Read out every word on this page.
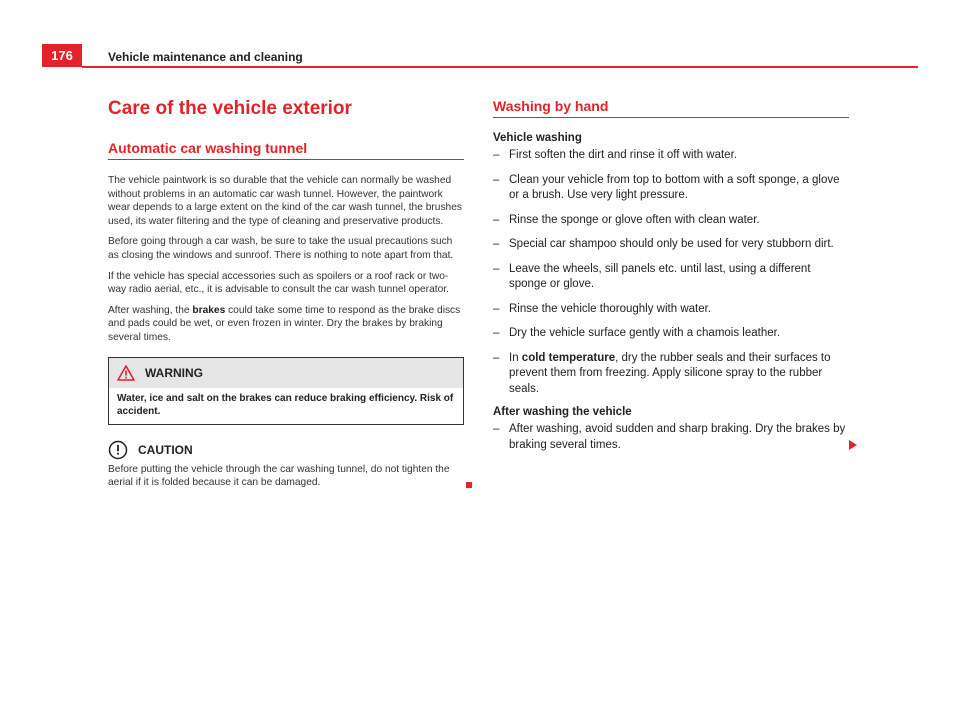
176	Vehicle maintenance and cleaning
Care of the vehicle exterior
Automatic car washing tunnel

The vehicle paintwork is so durable that the vehicle can normally be washed without problems in an automatic car wash tunnel. However, the paintwork wear depends to a large extent on the kind of the car wash tunnel, the brushes used, its water filtering and the type of cleaning and preservative products.

Before going through a car wash, be sure to take the usual precautions such as closing the windows and sunroof. There is nothing to note apart from that.

If the vehicle has special accessories such as spoilers or a roof rack or two-way radio aerial, etc., it is advisable to consult the car wash tunnel operator.

After washing, the brakes could take some time to respond as the brake discs and pads could be wet, or even frozen in winter. Dry the brakes by braking several times.

WARNING
Water, ice and salt on the brakes can reduce braking efficiency. Risk of accident.
CAUTION
Before putting the vehicle through the car washing tunnel, do not tighten the aerial if it is folded because it can be damaged.
Washing by hand
Vehicle washing
– First soften the dirt and rinse it off with water.
– Clean your vehicle from top to bottom with a soft sponge, a glove or a brush. Use very light pressure.
– Rinse the sponge or glove often with clean water.
– Special car shampoo should only be used for very stubborn dirt.
– Leave the wheels, sill panels etc. until last, using a different sponge or glove.
– Rinse the vehicle thoroughly with water.
– Dry the vehicle surface gently with a chamois leather.
– In cold temperature, dry the rubber seals and their surfaces to prevent them from freezing. Apply silicone spray to the rubber seals.
After washing the vehicle
– After washing, avoid sudden and sharp braking. Dry the brakes by braking several times.
